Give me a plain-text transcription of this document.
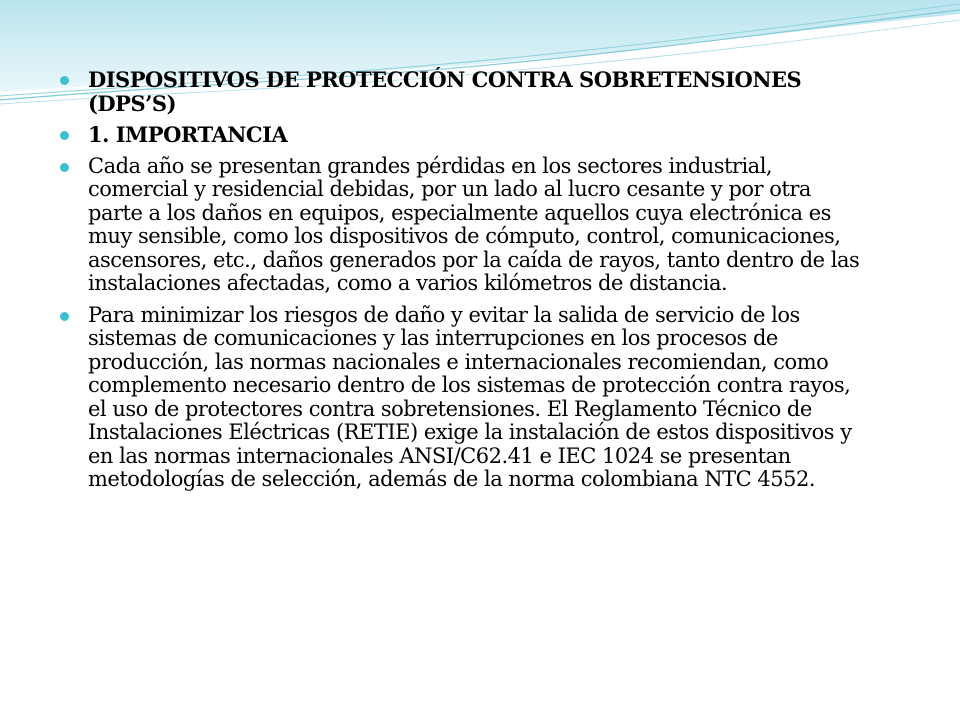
DISPOSITIVOS DE PROTECCIÓN CONTRA SOBRETENSIONES (DPS’S)
1. IMPORTANCIA
Cada año se presentan grandes pérdidas en los sectores industrial, comercial y residencial debidas, por un lado al lucro cesante y por otra parte a los daños en equipos, especialmente aquellos cuya electrónica es muy sensible, como los dispositivos de cómputo, control, comunicaciones, ascensores, etc., daños generados por la caída de rayos, tanto dentro de las instalaciones afectadas, como a varios kilómetros de distancia.
Para minimizar los riesgos de daño y evitar la salida de servicio de los sistemas de comunicaciones y las interrupciones en los procesos de producción, las normas nacionales e internacionales recomiendan, como complemento necesario dentro de los sistemas de protección contra rayos, el uso de protectores contra sobretensiones. El Reglamento Técnico de Instalaciones Eléctricas (RETIE) exige la instalación de estos dispositivos y en las normas internacionales ANSI/C62.41 e IEC 1024 se presentan metodologías de selección, además de la norma colombiana NTC 4552.
